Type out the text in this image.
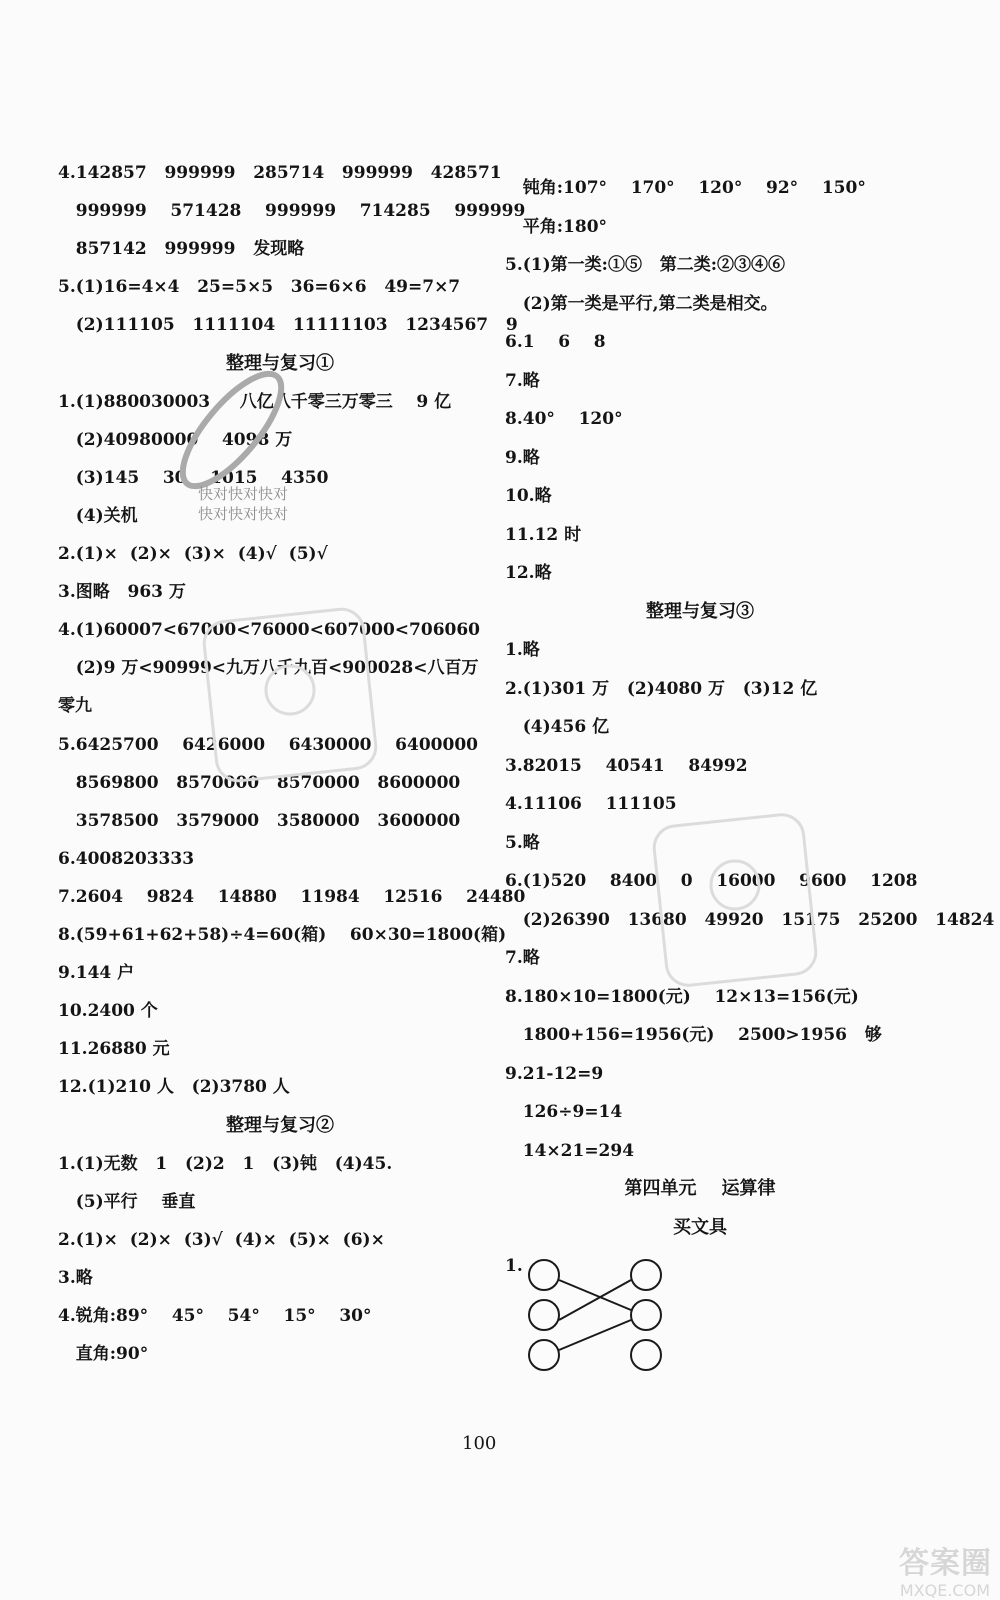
4.142857   999999   285714   999999   428571
999999    571428    999999    714285    999999
857142   999999   发现略
5.(1)16=4×4   25=5×5   36=6×6   49=7×7
(2)111105   1111104   11111103   1234567   9
整理与复习①
1.(1)880030003     八亿八千零三万零三    9 亿
(2)40980000    4098 万
(3)145    30    1015    4350
(4)关机
2.(1)×  (2)×  (3)×  (4)√  (5)√
3.图略   963 万
4.(1)60007<67000<76000<607000<706060
(2)9 万<90999<九万八千九百<900028<八百万
零九
5.6425700    6426000    6430000    6400000
8569800   8570000   8570000   8600000
3578500   3579000   3580000   3600000
6.4008203333
7.2604    9824    14880    11984    12516    24480
8.(59+61+62+58)÷4=60(箱)    60×30=1800(箱)
9.144 户
10.2400 个
11.26880 元
12.(1)210 人   (2)3780 人
整理与复习②
1.(1)无数   1   (2)2   1   (3)钝   (4)45.
(5)平行    垂直
2.(1)×  (2)×  (3)√  (4)×  (5)×  (6)×
3.略
4.锐角:89°    45°    54°    15°    30°
直角:90°
钝角:107°    170°    120°    92°    150°
平角:180°
5.(1)第一类:①⑤   第二类:②③④⑥
(2)第一类是平行,第二类是相交。
6.1    6    8
7.略
8.40°    120°
9.略
10.略
11.12 时
12.略
整理与复习③
1.略
2.(1)301 万   (2)4080 万   (3)12 亿
(4)456 亿
3.82015    40541    84992
4.11106    111105
5.略
6.(1)520    8400    0    16000    9600    1208
(2)26390   13680   49920   15175   25200   14824
7.略
8.180×10=1800(元)    12×13=156(元)
1800+156=1956(元)    2500>1956   够
9.21-12=9
126÷9=14
14×21=294
第四单元    运算律
买文具
1.
快对快对快对
快对快对快对
100
答案圈
MXQE.COM
